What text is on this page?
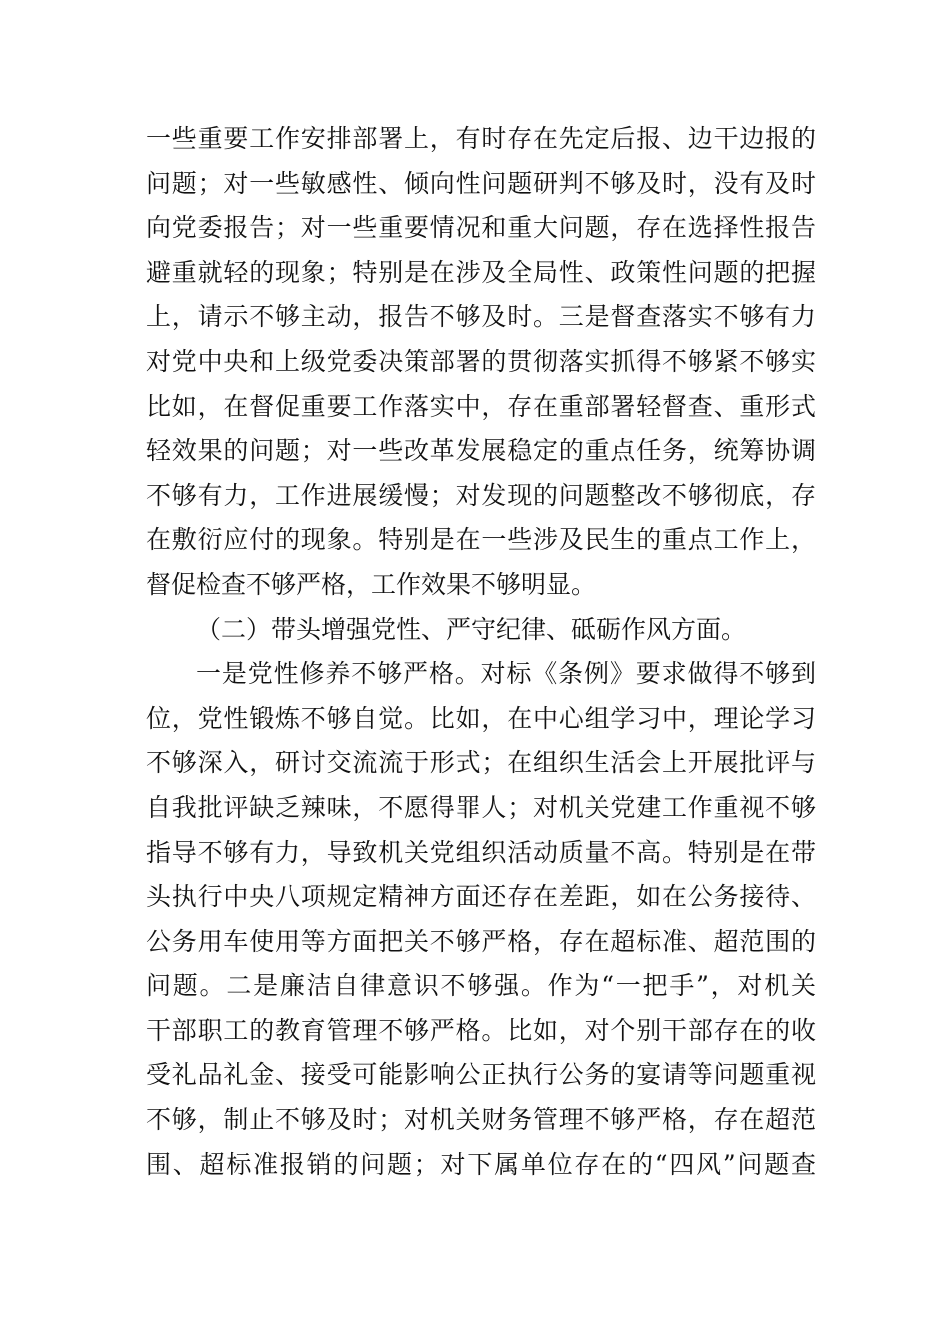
一些重要工作安排部署上，有时存在先定后报、边干边报的
问题；对一些敏感性、倾向性问题研判不够及时，没有及时
向党委报告；对一些重要情况和重大问题，存在选择性报告
避重就轻的现象；特别是在涉及全局性、政策性问题的把握
上，请示不够主动，报告不够及时。三是督查落实不够有力
对党中央和上级党委决策部署的贯彻落实抓得不够紧不够实
比如，在督促重要工作落实中，存在重部署轻督查、重形式
轻效果的问题；对一些改革发展稳定的重点任务，统筹协调
不够有力，工作进展缓慢；对发现的问题整改不够彻底，存
在敷衍应付的现象。特别是在一些涉及民生的重点工作上，
督促检查不够严格，工作效果不够明显。
（二）带头增强党性、严守纪律、砥砺作风方面。
一是党性修养不够严格。对标《条例》要求做得不够到
位，党性锻炼不够自觉。比如，在中心组学习中，理论学习
不够深入，研讨交流流于形式；在组织生活会上开展批评与
自我批评缺乏辣味，不愿得罪人；对机关党建工作重视不够
指导不够有力，导致机关党组织活动质量不高。特别是在带
头执行中央八项规定精神方面还存在差距，如在公务接待、
公务用车使用等方面把关不够严格，存在超标准、超范围的
问题。二是廉洁自律意识不够强。作为“一把手”，对机关
干部职工的教育管理不够严格。比如，对个别干部存在的收
受礼品礼金、接受可能影响公正执行公务的宴请等问题重视
不够，制止不够及时；对机关财务管理不够严格，存在超范
围、超标准报销的问题；对下属单位存在的“四风”问题查
